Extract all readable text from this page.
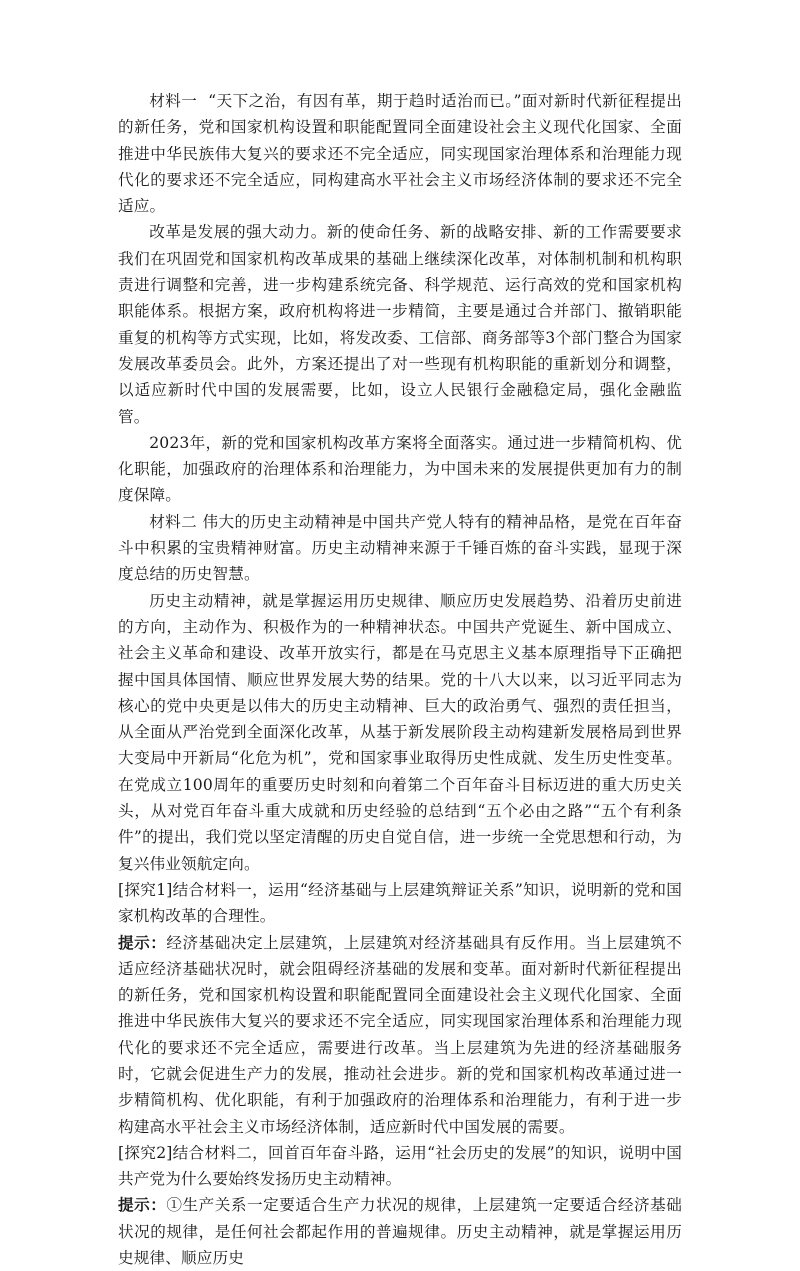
材料一 “天下之治，有因有革，期于趋时适治而已。”面对新时代新征程提出的新任务，党和国家机构设置和职能配置同全面建设社会主义现代化国家、全面推进中华民族伟大复兴的要求还不完全适应，同实现国家治理体系和治理能力现代化的要求还不完全适应，同构建高水平社会主义市场经济体制的要求还不完全适应。

改革是发展的强大动力。新的使命任务、新的战略安排、新的工作需要要求我们在巩固党和国家机构改革成果的基础上继续深化改革，对体制机制和机构职责进行调整和完善，进一步构建系统完备、科学规范、运行高效的党和国家机构职能体系。根据方案，政府机构将进一步精简，主要是通过合并部门、撤销职能重复的机构等方式实现，比如，将发改委、工信部、商务部等3个部门整合为国家发展改革委员会。此外，方案还提出了对一些现有机构职能的重新划分和调整，以适应新时代中国的发展需要，比如，设立人民银行金融稳定局，强化金融监管。

2023年，新的党和国家机构改革方案将全面落实。通过进一步精简机构、优化职能，加强政府的治理体系和治理能力，为中国未来的发展提供更加有力的制度保障。

材料二 伟大的历史主动精神是中国共产党人特有的精神品格，是党在百年奋斗中积累的宝贵精神财富。历史主动精神来源于千锤百炼的奋斗实践，显现于深度总结的历史智慧。

历史主动精神，就是掌握运用历史规律、顺应历史发展趋势、沿着历史前进的方向，主动作为、积极作为的一种精神状态。中国共产党诞生、新中国成立、社会主义革命和建设、改革开放实行，都是在马克思主义基本原理指导下正确把握中国具体国情、顺应世界发展大势的结果。党的十八大以来，以习近平同志为核心的党中央更是以伟大的历史主动精神、巨大的政治勇气、强烈的责任担当，从全面从严治党到全面深化改革，从基于新发展阶段主动构建新发展格局到世界大变局中开新局“化危为机”，党和国家事业取得历史性成就、发生历史性变革。在党成立100周年的重要历史时刻和向着第二个百年奋斗目标迈进的重大历史关头，从对党百年奋斗重大成就和历史经验的总结到“五个必由之路”“五个有利条件”的提出，我们党以坚定清醒的历史自觉自信，进一步统一全党思想和行动，为复兴伟业领航定向。

[探究1]结合材料一，运用“经济基础与上层建筑辩证关系”知识，说明新的党和国家机构改革的合理性。

提示：经济基础决定上层建筑，上层建筑对经济基础具有反作用。当上层建筑不适应经济基础状况时，就会阻碍经济基础的发展和变革。面对新时代新征程提出的新任务，党和国家机构设置和职能配置同全面建设社会主义现代化国家、全面推进中华民族伟大复兴的要求还不完全适应，同实现国家治理体系和治理能力现代化的要求还不完全适应，需要进行改革。当上层建筑为先进的经济基础服务时，它就会促进生产力的发展，推动社会进步。新的党和国家机构改革通过进一步精简机构、优化职能，有利于加强政府的治理体系和治理能力，有利于进一步构建高水平社会主义市场经济体制，适应新时代中国发展的需要。

[探究2]结合材料二，回首百年奋斗路，运用“社会历史的发展”的知识，说明中国共产党为什么要始终发扬历史主动精神。

提示：①生产关系一定要适合生产力状况的规律，上层建筑一定要适合经济基础状况的规律，是任何社会都起作用的普遍规律。历史主动精神，就是掌握运用历史规律、顺应历史
